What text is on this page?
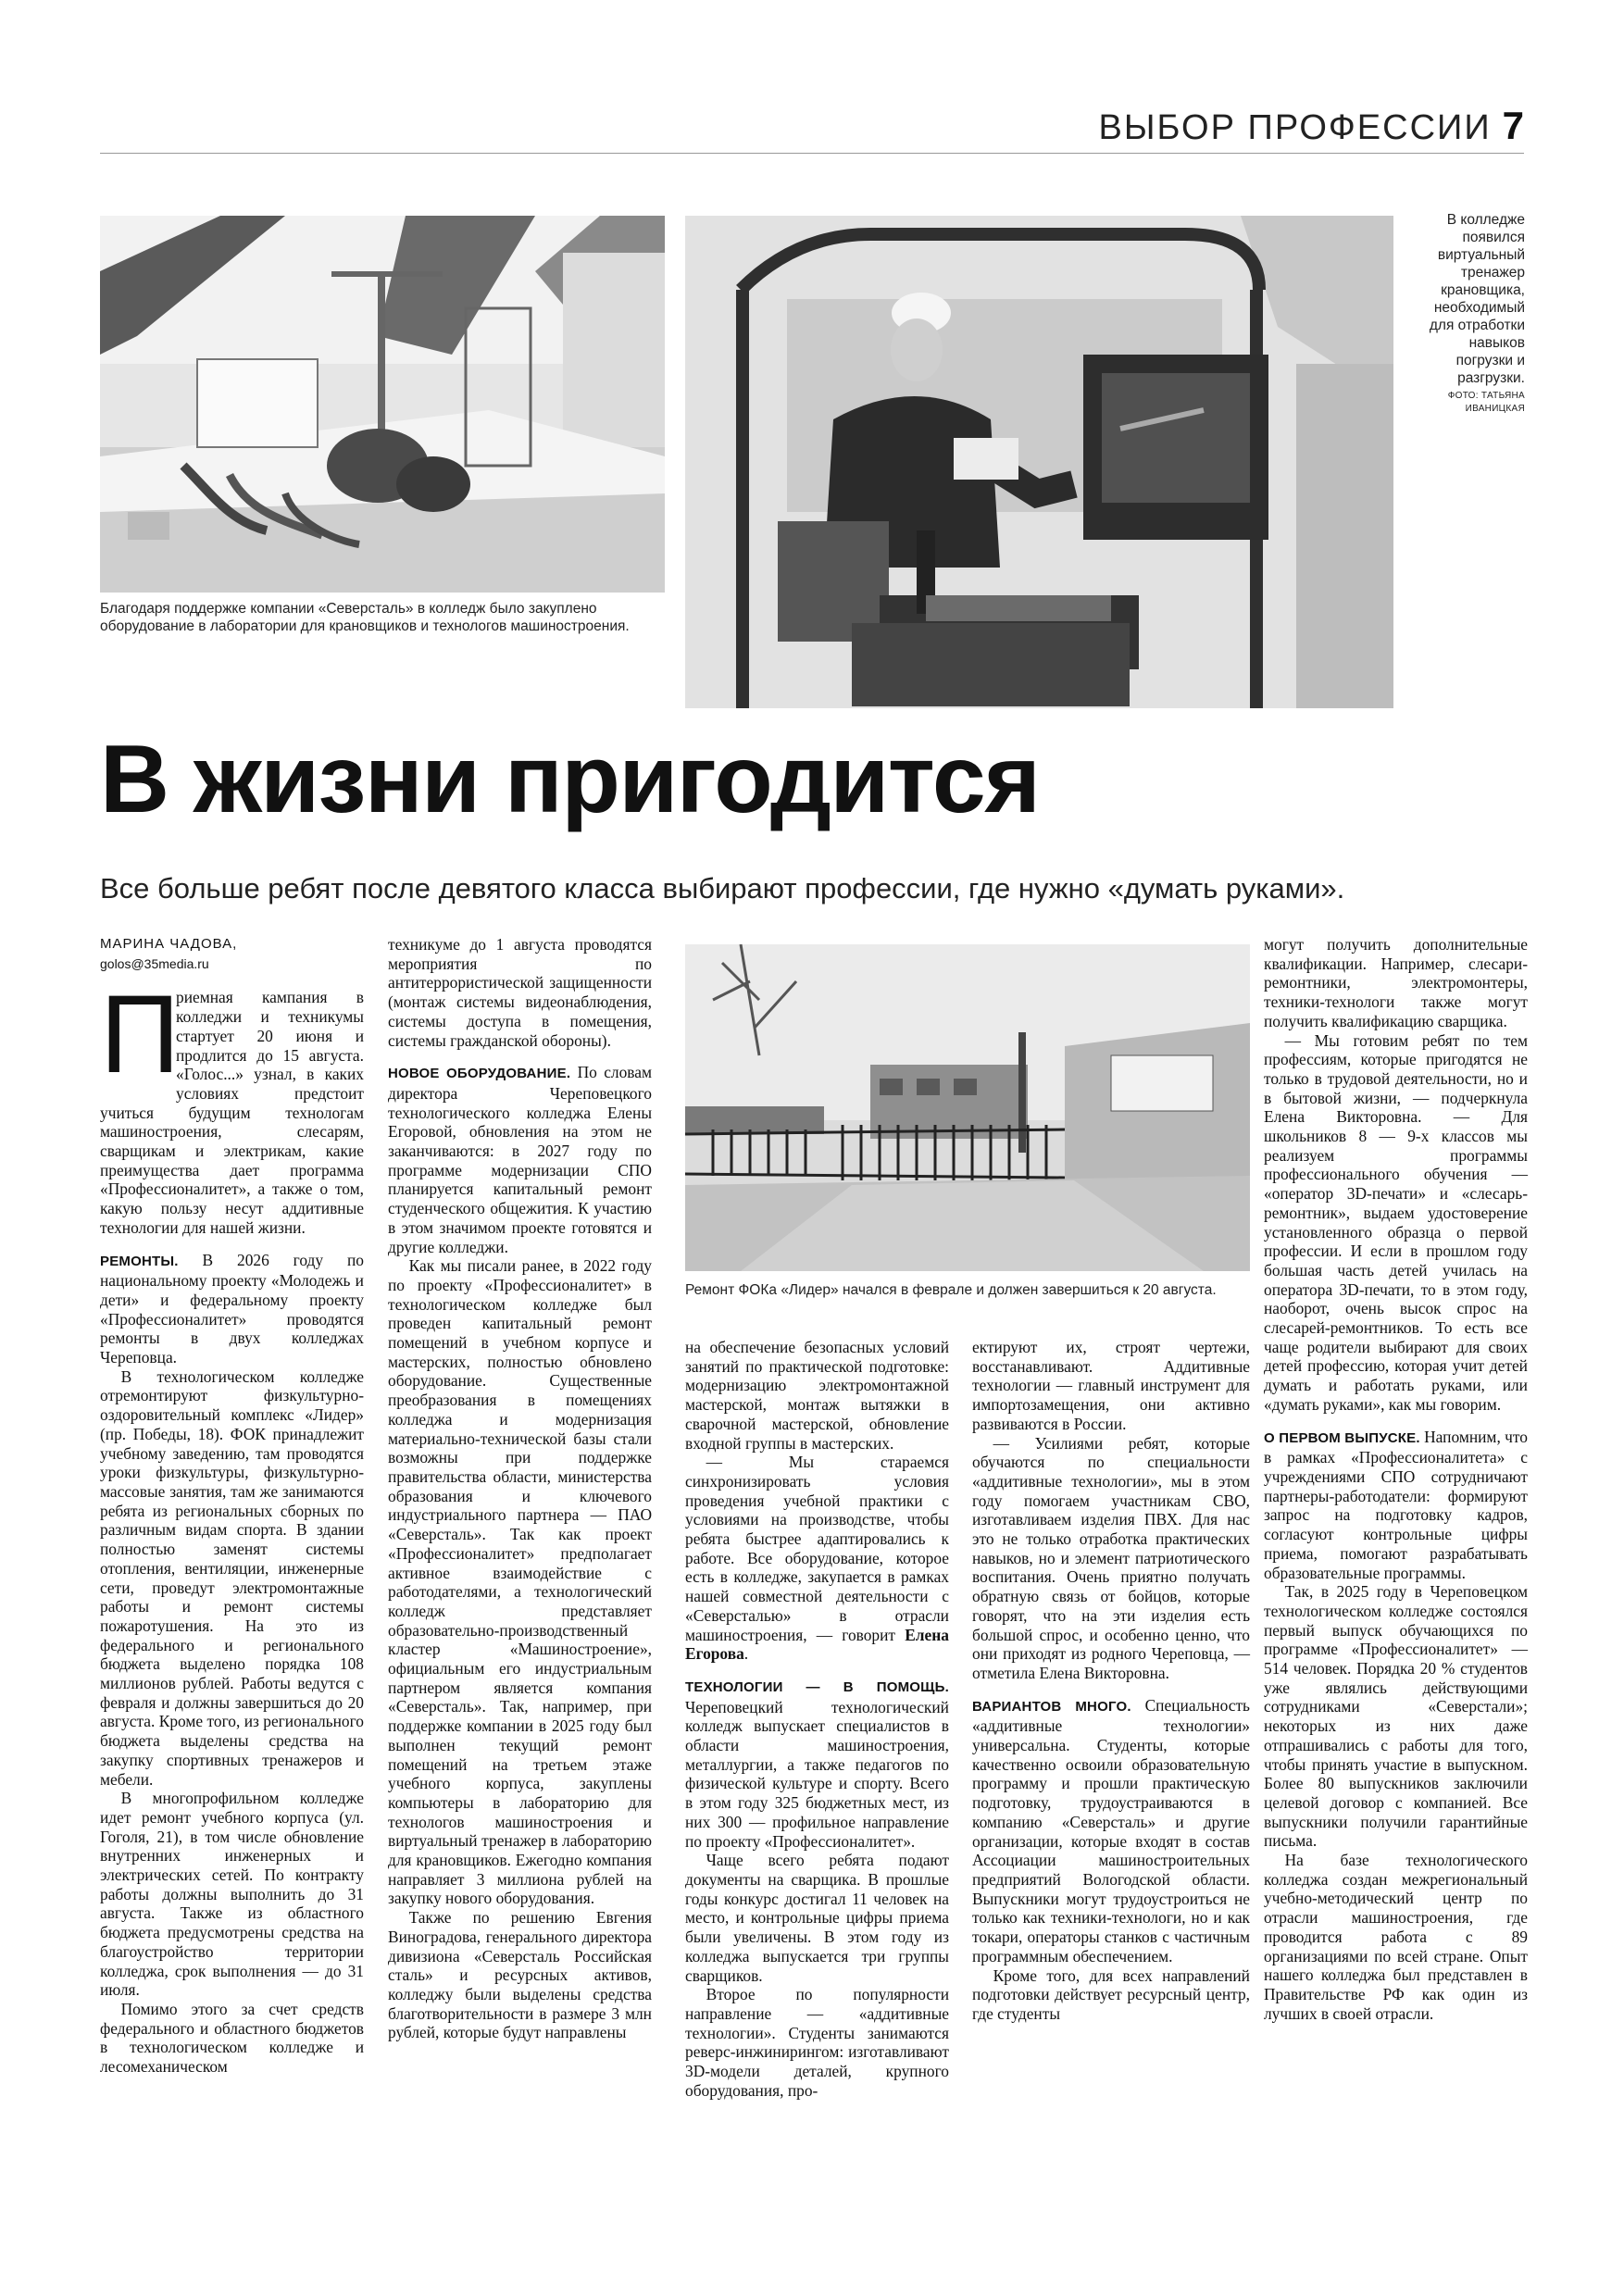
ВЫБОР ПРОФЕССИИ 7
Благодаря поддержке компании «Северсталь» в колледж было закуплено оборудование в лаборатории для крановщиков и технологов машиностроения.
В колледже появился виртуальный тренажер крановщика, необходимый для отработки навыков погрузки и разгрузки.
ФОТО: ТАТЬЯНА ИВАНИЦКАЯ
В жизни пригодится
Все больше ребят после девятого класса выбирают профессии, где нужно «думать руками».
Ремонт ФОКа «Лидер» начался в феврале и должен завершиться к 20 августа.
МАРИНА ЧАДОВА,
golos@35media.ru
П

риемная кампания в колледжи и техникумы стартует 20 июня и продлится до 15 августа. «Голос...» узнал, в каких условиях предстоит учиться будущим технологам машиностроения, слесарям, сварщикам и электрикам, какие преимущества дает программа «Профессионалитет», а также о том, какую пользу несут аддитивные технологии для нашей жизни.

РЕМОНТЫ. В 2026 году по национальному проекту «Молодежь и дети» и федеральному проекту «Профессионалитет» проводятся ремонты в двух колледжах Череповца.

В технологическом колледже отремонтируют физкультурно-оздоровительный комплекс «Лидер» (пр. Победы, 18). ФОК принадлежит учебному заведению, там проводятся уроки физкультуры, физкультурно-массовые занятия, там же занимаются ребята из региональных сборных по различным видам спорта. В здании полностью заменят системы отопления, вентиляции, инженерные сети, проведут электромонтажные работы и ремонт системы пожаротушения. На это из федерального и регионального бюджета выделено порядка 108 миллионов рублей. Работы ведутся с февраля и должны завершиться до 20 августа. Кроме того, из регионального бюджета выделены средства на закупку спортивных тренажеров и мебели.

В многопрофильном колледже идет ремонт учебного корпуса (ул. Гоголя, 21), в том числе обновление внутренних инженерных и электрических сетей. По контракту работы должны выполнить до 31 августа. Также из областного бюджета предусмотрены средства на благоустройство территории колледжа, срок выполнения — до 31 июля.

Помимо этого за счет средств федерального и областного бюджетов в технологическом колледже и лесомеханическом

техникуме до 1 августа проводятся мероприятия по антитеррористической защищенности (монтаж системы видеонаблюдения, системы доступа в помещения, системы гражданской обороны).

НОВОЕ ОБОРУДОВАНИЕ. По словам директора Череповецкого технологического колледжа Елены Егоровой, обновления на этом не заканчиваются: в 2027 году по программе модернизации СПО планируется капитальный ремонт студенческого общежития. К участию в этом значимом проекте готовятся и другие колледжи.

Как мы писали ранее, в 2022 году по проекту «Профессионалитет» в технологическом колледже был проведен капитальный ремонт помещений в учебном корпусе и мастерских, полностью обновлено оборудование. Существенные преобразования в помещениях колледжа и модернизация материально-технической базы стали возможны при поддержке правительства области, министерства образования и ключевого индустриального партнера — ПАО «Северсталь». Так как проект «Профессионалитет» предполагает активное взаимодействие с работодателями, а технологический колледж представляет образовательно-производственный кластер «Машиностроение», официальным его индустриальным партнером является компания «Северсталь». Так, например, при поддержке компании в 2025 году был выполнен текущий ремонт помещений на третьем этаже учебного корпуса, закуплены компьютеры в лабораторию для технологов машиностроения и виртуальный тренажер в лабораторию для крановщиков. Ежегодно компания направляет 3 миллиона рублей на закупку нового оборудования.

Также по решению Евгения Виноградова, генерального директора дивизиона «Северсталь Российская сталь» и ресурсных активов, колледжу были выделены средства благотворительности в размере 3 млн рублей, которые будут направлены

на обеспечение безопасных условий занятий по практической подготовке: модернизацию электромонтажной мастерской, монтаж вытяжки в сварочной мастерской, обновление входной группы в мастерских.

— Мы стараемся синхронизировать условия проведения учебной практики с условиями на производстве, чтобы ребята быстрее адаптировались к работе. Все оборудование, которое есть в колледже, закупается в рамках нашей совместной деятельности с «Северсталью» в отрасли машиностроения, — говорит Елена Егорова.

ТЕХНОЛОГИИ — В ПОМОЩЬ. Череповецкий технологический колледж выпускает специалистов в области машиностроения, металлургии, а также педагогов по физической культуре и спорту. Всего в этом году 325 бюджетных мест, из них 300 — профильное направление по проекту «Профессионалитет».

Чаще всего ребята подают документы на сварщика. В прошлые годы конкурс достигал 11 человек на место, и контрольные цифры приема были увеличены. В этом году из колледжа выпускается три группы сварщиков.

Второе по популярности направление — «аддитивные технологии». Студенты занимаются реверс-инжинирингом: изготавливают 3D-модели деталей, крупного оборудования, про-

ектируют их, строят чертежи, восстанавливают. Аддитивные технологии — главный инструмент для импортозамещения, они активно развиваются в России.

— Усилиями ребят, которые обучаются по специальности «аддитивные технологии», мы в этом году помогаем участникам СВО, изготавливаем изделия ПВХ. Для нас это не только отработка практических навыков, но и элемент патриотического воспитания. Очень приятно получать обратную связь от бойцов, которые говорят, что на эти изделия есть большой спрос, и особенно ценно, что они приходят из родного Череповца, — отметила Елена Викторовна.

ВАРИАНТОВ МНОГО. Специальность «аддитивные технологии» универсальна. Студенты, которые качественно освоили образовательную программу и прошли практическую подготовку, трудоустраиваются в компанию «Северсталь» и другие организации, которые входят в состав Ассоциации машиностроительных предприятий Вологодской области. Выпускники могут трудоустроиться не только как техники-технологи, но и как токари, операторы станков с частичным программным обеспечением.

Кроме того, для всех направлений подготовки действует ресурсный центр, где студенты

могут получить дополнительные квалификации. Например, слесари-ремонтники, электромонтеры, техники-технологи также могут получить квалификацию сварщика.

— Мы готовим ребят по тем профессиям, которые пригодятся не только в трудовой деятельности, но и в бытовой жизни, — подчеркнула Елена Викторовна. — Для школьников 8 — 9-х классов мы реализуем программы профессионального обучения — «оператор 3D-печати» и «слесарь-ремонтник», выдаем удостоверение установленного образца о первой профессии. И если в прошлом году большая часть детей училась на оператора 3D-печати, то в этом году, наоборот, очень высок спрос на слесарей-ремонтников. То есть все чаще родители выбирают для своих детей профессию, которая учит детей думать и работать руками, или «думать руками», как мы говорим.

О ПЕРВОМ ВЫПУСКЕ. Напомним, что в рамках «Профессионалитета» с учреждениями СПО сотрудничают партнеры-работодатели: формируют запрос на подготовку кадров, согласуют контрольные цифры приема, помогают разрабатывать образовательные программы.

Так, в 2025 году в Череповецком технологическом колледже состоялся первый выпуск обучающихся по программе «Профессионалитет» — 514 человек. Порядка 20 % студентов уже являлись действующими сотрудниками «Северстали»; некоторых из них даже отпрашивались с работы для того, чтобы принять участие в выпускном. Более 80 выпускников заключили целевой договор с компанией. Все выпускники получили гарантийные письма.

На базе технологического колледжа создан межрегиональный учебно-методический центр по отрасли машиностроения, где проводится работа с 89 организациями по всей стране. Опыт нашего колледжа был представлен в Правительстве РФ как один из лучших в своей отрасли.
